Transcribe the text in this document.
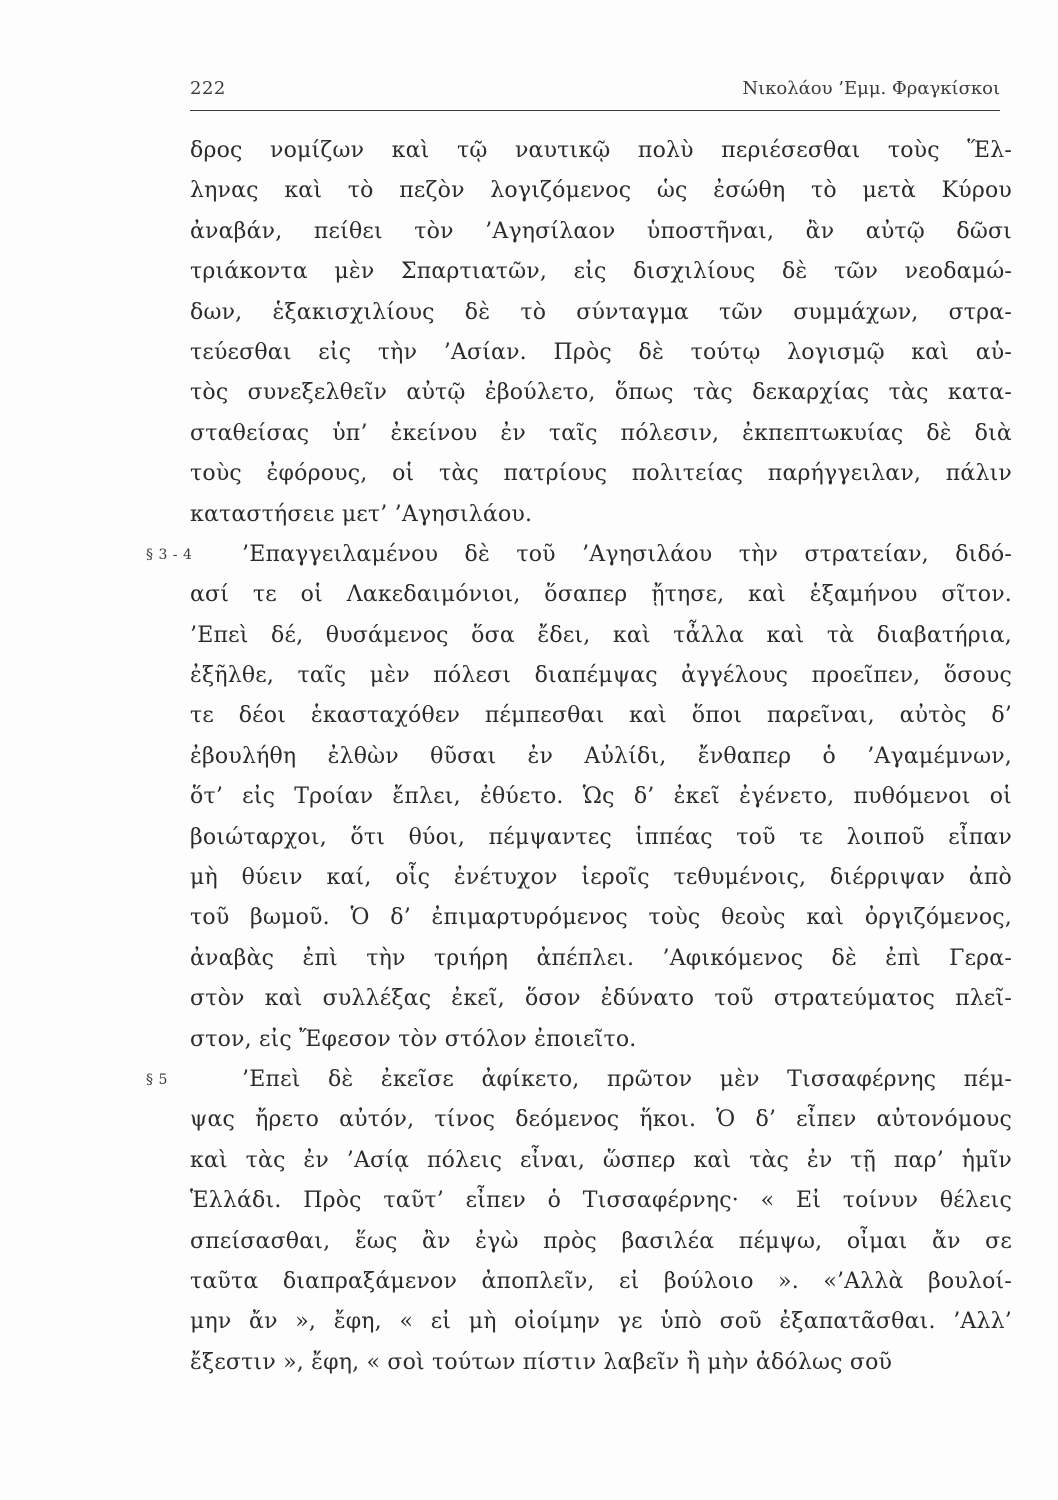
222	Νικολάου ’Εμμ. Φραγκίσκοι
δρος νομίζων καὶ τῷ ναυτικῷ πολὺ περιέσεσθαι τοὺς Ἕλ-
ληνας καὶ τὸ πεζὸν λογιζόμενος ὡς ἐσώθη τὸ μετὰ Κύρου
ἀναβάν, πείθει τὸν ’Αγησίλαον ὑποστῆναι, ἂν αὐτῷ δῶσι
τριάκοντα μὲν Σπαρτιατῶν, εἰς δισχιλίους δὲ τῶν νεοδαμώ-
δων, ἑξακισχιλίους δὲ τὸ σύνταγμα τῶν συμμάχων, στρα-
τεύεσθαι εἰς τὴν ’Ασίαν. Πρὸς δὲ τούτῳ λογισμῷ καὶ αὐ-
τὸς συνεξελθεῖν αὐτῷ ἐβούλετο, ὅπως τὰς δεκαρχίας τὰς κατα-
σταθείσας ὑπ’ ἐκείνου ἐν ταῖς πόλεσιν, ἐκπεπτωκυίας δὲ διὰ
τοὺς ἐφόρους, οἱ τὰς πατρίους πολιτείας παρήγγειλαν, πάλιν
καταστήσειε μετ’ ’Αγησιλάου.
’Επαγγειλαμένου δὲ τοῦ ’Αγησιλάου τὴν στρατείαν, διδό-
§ 3 - 4
ασί τε οἱ Λακεδαιμόνιοι, ὅσαπερ ᾔτησε, καὶ ἑξαμήνου σῖτον.
’Επεὶ δέ, θυσάμενος ὅσα ἔδει, καὶ τἆλλα καὶ τὰ διαβατήρια,
ἐξῆλθε, ταῖς μὲν πόλεσι διαπέμψας ἀγγέλους προεῖπεν, ὅσους
τε δέοι ἑκασταχόθεν πέμπεσθαι καὶ ὅποι παρεῖναι, αὐτὸς δ’
ἐβουλήθη ἐλθὼν θῦσαι ἐν Αὐλίδι, ἔνθαπερ ὁ ’Αγαμέμνων,
ὅτ’ εἰς Τροίαν ἔπλει, ἐθύετο. Ὡς δ’ ἐκεῖ ἐγένετο, πυθόμενοι οἱ
βοιώταρχοι, ὅτι θύοι, πέμψαντες ἱππέας τοῦ τε λοιποῦ εἶπαν
μὴ θύειν καί, οἷς ἐνέτυχον ἱεροῖς τεθυμένοις, διέρριψαν ἀπὸ
τοῦ βωμοῦ. Ὁ δ’ ἐπιμαρτυρόμενος τοὺς θεοὺς καὶ ὀργιζόμενος,
ἀναβὰς ἐπὶ τὴν τριήρη ἀπέπλει. ’Αφικόμενος δὲ ἐπὶ Γερα-
στὸν καὶ συλλέξας ἐκεῖ, ὅσον ἐδύνατο τοῦ στρατεύματος πλεῖ-
στον, εἰς Ἔφεσον τὸν στόλον ἐποιεῖτο.
’Επεὶ δὲ ἐκεῖσε ἀφίκετο, πρῶτον μὲν Τισσαφέρνης πέμ-
§ 5
ψας ἤρετο αὐτόν, τίνος δεόμενος ἥκοι. Ὁ δ’ εἶπεν αὐτονόμους
καὶ τὰς ἐν ’Ασίᾳ πόλεις εἶναι, ὥσπερ καὶ τὰς ἐν τῇ παρ’ ἡμῖν
Ἑλλάδι. Πρὸς ταῦτ’ εἶπεν ὁ Τισσαφέρνης· « Εἰ τοίνυν θέλεις
σπείσασθαι, ἕως ἂν ἐγὼ πρὸς βασιλέα πέμψω, οἶμαι ἄν σε
ταῦτα διαπραξάμενον ἀποπλεῖν, εἰ βούλοιο ». «’Αλλὰ βουλοί-
μην ἄν », ἔφη, « εἰ μὴ οἰοίμην γε ὑπὸ σοῦ ἐξαπατᾶσθαι. ’Αλλ’
ἔξεστιν », ἔφη, « σοὶ τούτων πίστιν λαβεῖν ἢ μὴν ἀδόλως σοῦ
